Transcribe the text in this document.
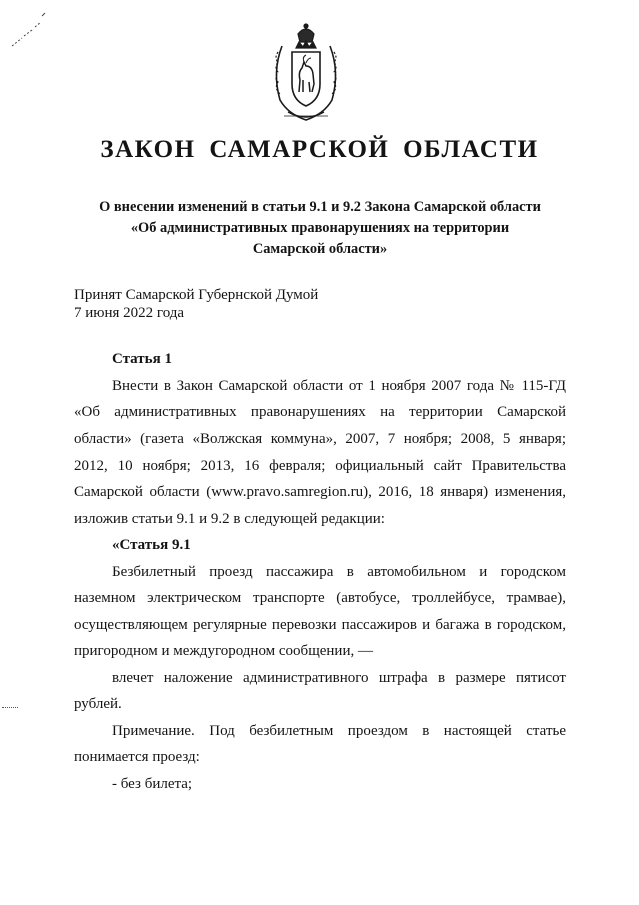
ЗАКОН САМАРСКОЙ ОБЛАСТИ
О внесении изменений в статьи 9.1 и 9.2 Закона Самарской области
«Об административных правонарушениях на территории
Самарской области»
Принят Самарской Губернской Думой
7 июня 2022 года
Статья 1
Внести в Закон Самарской области от 1 ноября 2007 года № 115-ГД
«Об административных правонарушениях на территории Самарской
области» (газета «Волжская коммуна», 2007, 7 ноября; 2008, 5 января;
2012, 10 ноября; 2013, 16 февраля; официальный сайт Правительства
Самарской области (www.pravo.samregion.ru), 2016, 18 января) изменения,
изложив статьи 9.1 и 9.2 в следующей редакции:
«Статья 9.1
Безбилетный проезд пассажира в автомобильном и городском
наземном электрическом транспорте (автобусе, троллейбусе, трамвае),
осуществляющем регулярные перевозки пассажиров и багажа в городском,
пригородном и междугородном сообщении, —
влечет наложение административного штрафа в размере пятисот
рублей.
Примечание. Под безбилетным проездом в настоящей статье
понимается проезд:
- без билета;
